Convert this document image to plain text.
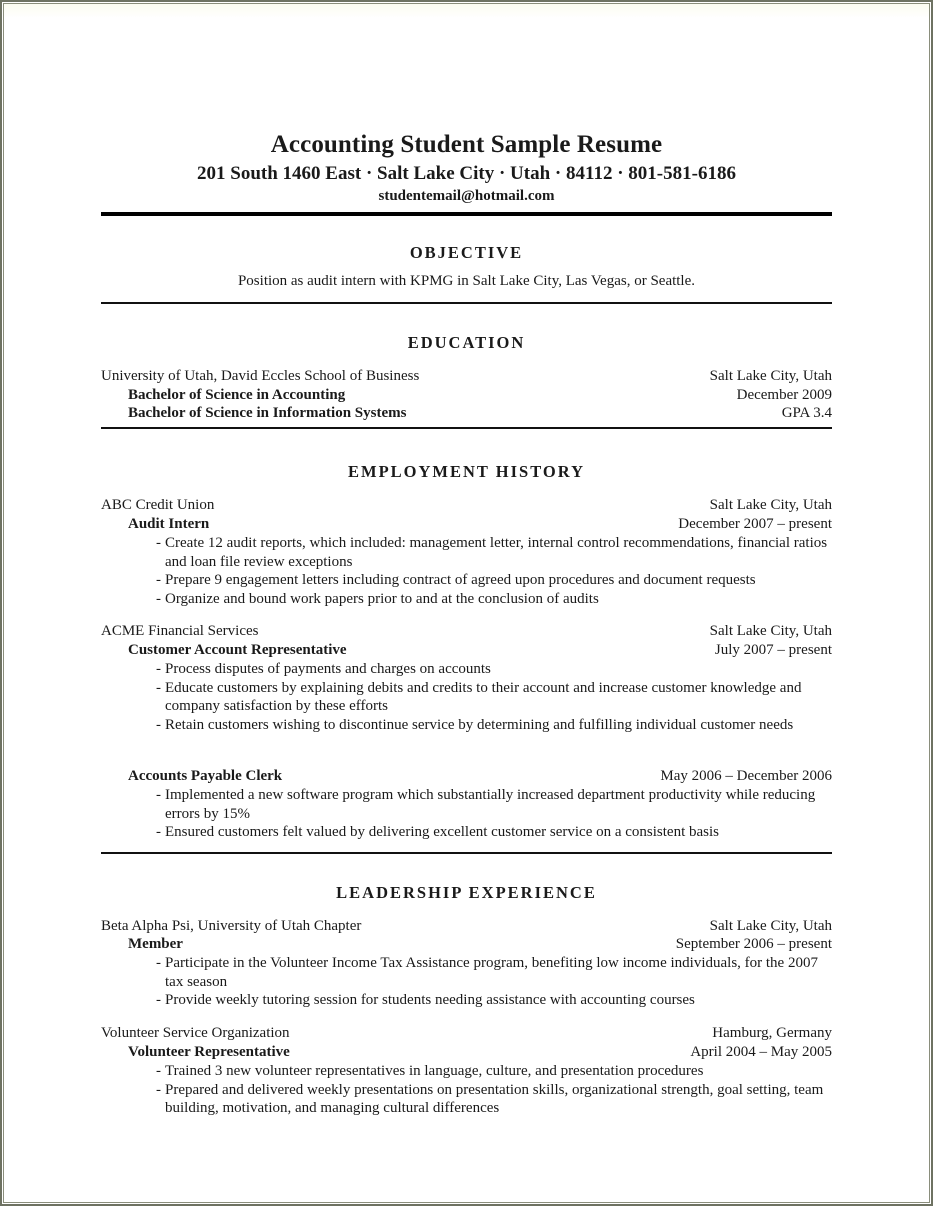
Accounting Student Sample Resume
201 South 1460 East · Salt Lake City · Utah · 84112 · 801-581-6186
studentemail@hotmail.com
OBJECTIVE
Position as audit intern with KPMG in Salt Lake City, Las Vegas, or Seattle.
EDUCATION
University of Utah, David Eccles School of Business	Salt Lake City, Utah
Bachelor of Science in Accounting	December 2009
Bachelor of Science in Information Systems	GPA 3.4
EMPLOYMENT HISTORY
ABC Credit Union	Salt Lake City, Utah
Audit Intern	December 2007 – present
- Create 12 audit reports, which included: management letter, internal control recommendations, financial ratios and loan file review exceptions
- Prepare 9 engagement letters including contract of agreed upon procedures and document requests
- Organize and bound work papers prior to and at the conclusion of audits
ACME Financial Services	Salt Lake City, Utah
Customer Account Representative	July 2007 – present
- Process disputes of payments and charges on accounts
- Educate customers by explaining debits and credits to their account and increase customer knowledge and company satisfaction by these efforts
- Retain customers wishing to discontinue service by determining and fulfilling individual customer needs
Accounts Payable Clerk	May 2006 – December 2006
- Implemented a new software program which substantially increased department productivity while reducing errors by 15%
- Ensured customers felt valued by delivering excellent customer service on a consistent basis
LEADERSHIP EXPERIENCE
Beta Alpha Psi, University of Utah Chapter	Salt Lake City, Utah
Member	September 2006 – present
- Participate in the Volunteer Income Tax Assistance program, benefiting low income individuals, for the 2007 tax season
- Provide weekly tutoring session for students needing assistance with accounting courses
Volunteer Service Organization	Hamburg, Germany
Volunteer Representative	April 2004 – May 2005
- Trained 3 new volunteer representatives in language, culture, and presentation procedures
- Prepared and delivered weekly presentations on presentation skills, organizational strength, goal setting, team building, motivation, and managing cultural differences
